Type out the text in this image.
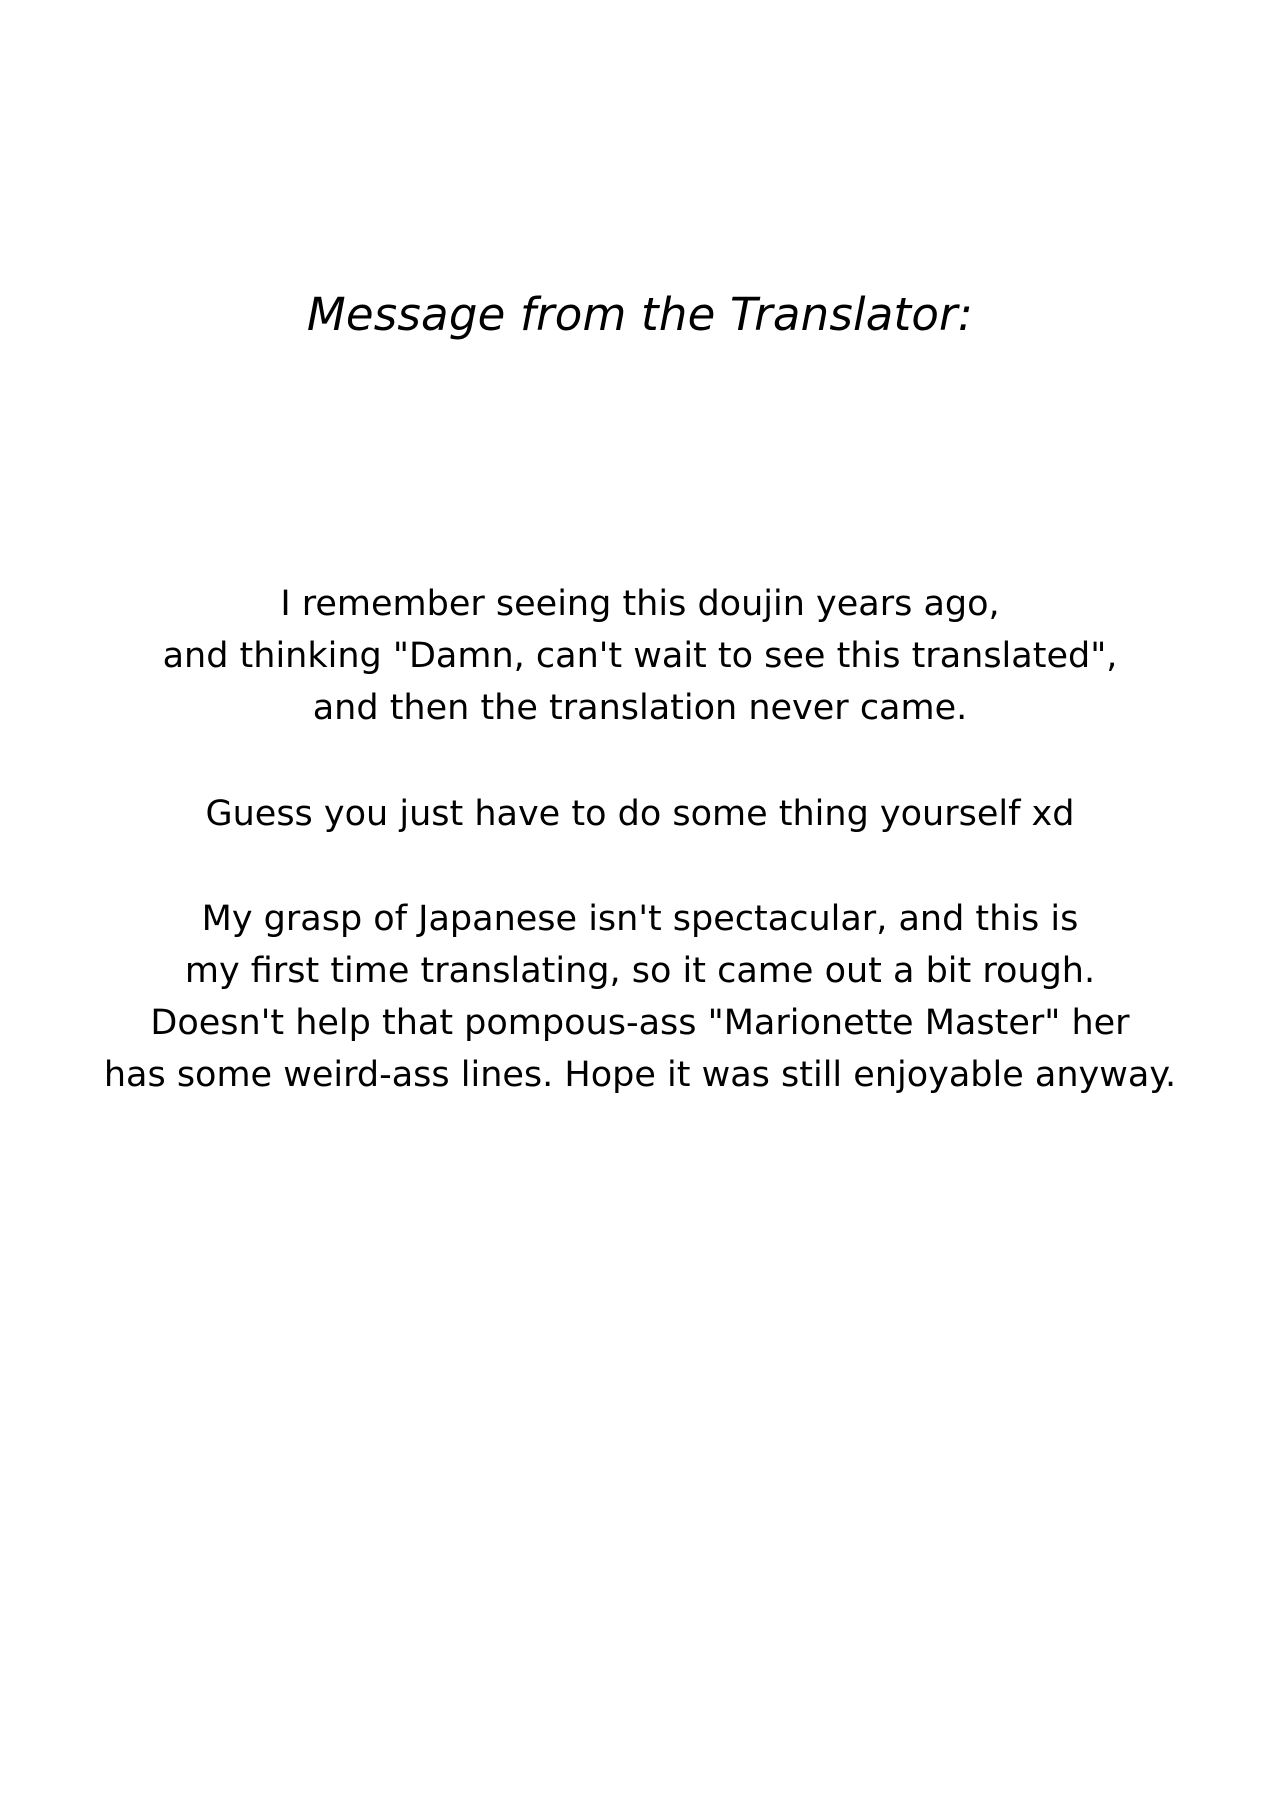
Message from the Translator:
I remember seeing this doujin years ago,
and thinking "Damn, can't wait to see this translated",
and then the translation never came.
Guess you just have to do some thing yourself xd
My grasp of Japanese isn't spectacular, and this is
my first time translating, so it came out a bit rough.
Doesn't help that pompous-ass "Marionette Master" her
has some weird-ass lines. Hope it was still enjoyable anyway.
